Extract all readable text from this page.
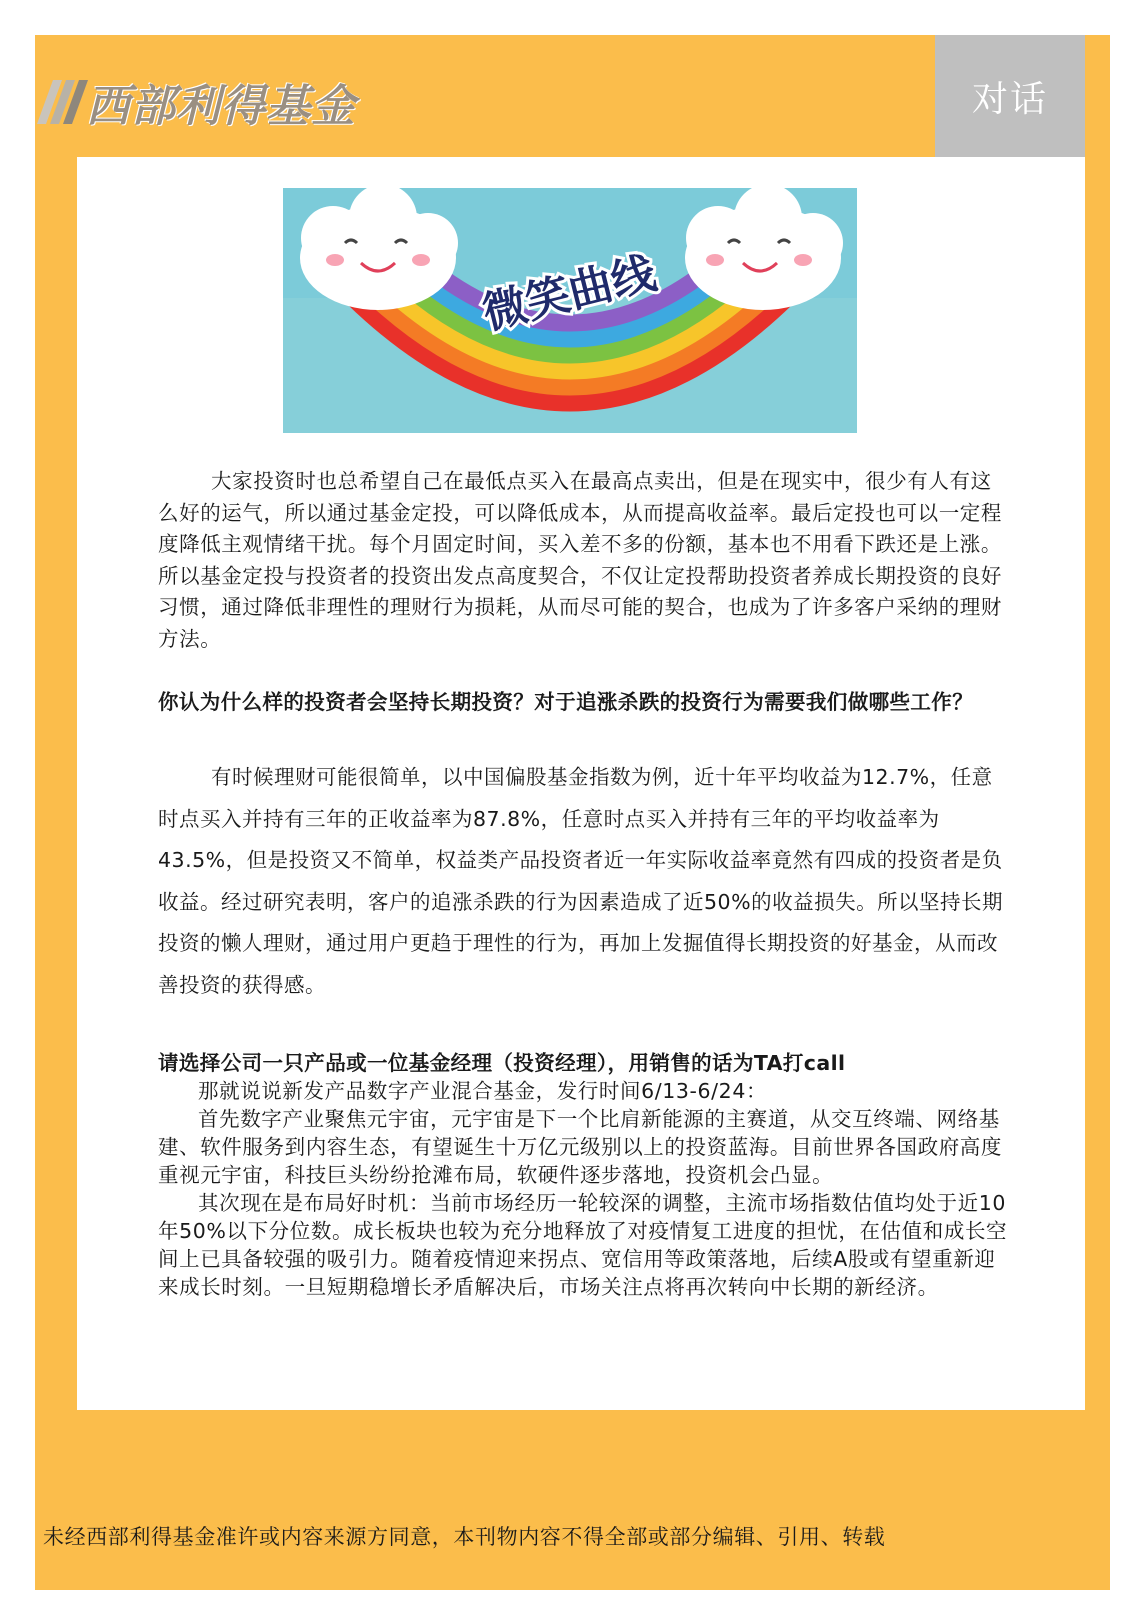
西部利得基金	对话
微笑曲线

大家投资时也总希望自己在最低点买入在最高点卖出，但是在现实中，很少有人有这么好的运气，所以通过基金定投，可以降低成本，从而提高收益率。最后定投也可以一定程度降低主观情绪干扰。每个月固定时间，买入差不多的份额，基本也不用看下跌还是上涨。所以基金定投与投资者的投资出发点高度契合，不仅让定投帮助投资者养成长期投资的良好习惯，通过降低非理性的理财行为损耗，从而尽可能的契合，也成为了许多客户采纳的理财方法。

你认为什么样的投资者会坚持长期投资？对于追涨杀跌的投资行为需要我们做哪些工作？

有时候理财可能很简单，以中国偏股基金指数为例，近十年平均收益为12.7%，任意时点买入并持有三年的正收益率为87.8%，任意时点买入并持有三年的平均收益率为43.5%，但是投资又不简单，权益类产品投资者近一年实际收益率竟然有四成的投资者是负收益。经过研究表明，客户的追涨杀跌的行为因素造成了近50%的收益损失。所以坚持长期投资的懒人理财，通过用户更趋于理性的行为，再加上发掘值得长期投资的好基金，从而改善投资的获得感。

请选择公司一只产品或一位基金经理（投资经理），用销售的话为TA打call

那就说说新发产品数字产业混合基金，发行时间6/13-6/24：

首先数字产业聚焦元宇宙，元宇宙是下一个比肩新能源的主赛道，从交互终端、网络基建、软件服务到内容生态，有望诞生十万亿元级别以上的投资蓝海。目前世界各国政府高度重视元宇宙，科技巨头纷纷抢滩布局，软硬件逐步落地，投资机会凸显。

其次现在是布局好时机：当前市场经历一轮较深的调整，主流市场指数估值均处于近10年50%以下分位数。成长板块也较为充分地释放了对疫情复工进度的担忧，在估值和成长空间上已具备较强的吸引力。随着疫情迎来拐点、宽信用等政策落地，后续A股或有望重新迎来成长时刻。一旦短期稳增长矛盾解决后，市场关注点将再次转向中长期的新经济。

未经西部利得基金准许或内容来源方同意，本刊物内容不得全部或部分编辑、引用、转载
